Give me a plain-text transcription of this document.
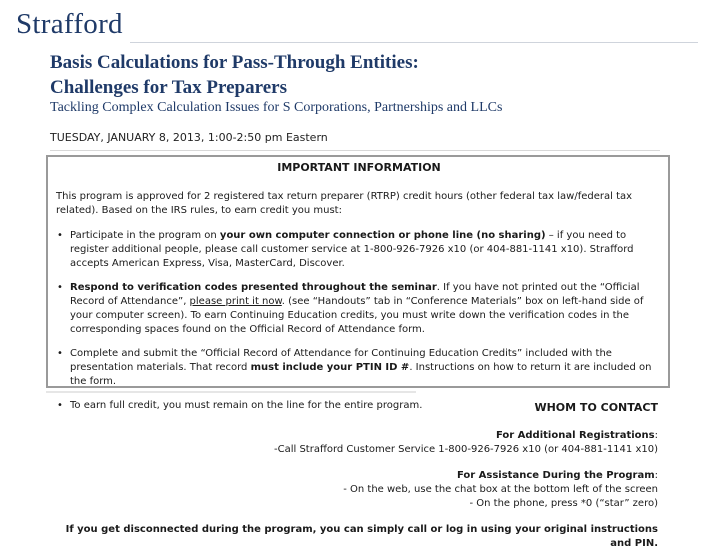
Strafford
Basis Calculations for Pass-Through Entities:
Challenges for Tax Preparers
Tackling Complex Calculation Issues for S Corporations, Partnerships and LLCs
TUESDAY, JANUARY 8, 2013, 1:00-2:50 pm Eastern
IMPORTANT INFORMATION
This program is approved for 2 registered tax return preparer (RTRP) credit hours (other federal tax law/federal tax related). Based on the IRS rules, to earn credit you must:
• Participate in the program on your own computer connection or phone line (no sharing) – if you need to register additional people, please call customer service at 1-800-926-7926 x10 (or 404-881-1141 x10). Strafford accepts American Express, Visa, MasterCard, Discover.
• Respond to verification codes presented throughout the seminar. If you have not printed out the “Official Record of Attendance”, please print it now. (see “Handouts” tab in “Conference Materials” box on left-hand side of your computer screen). To earn Continuing Education credits, you must write down the verification codes in the corresponding spaces found on the Official Record of Attendance form.
• Complete and submit the “Official Record of Attendance for Continuing Education Credits” included with the presentation materials. That record must include your PTIN ID #. Instructions on how to return it are included on the form.
• To earn full credit, you must remain on the line for the entire program.	WHOM TO CONTACT
For Additional Registrations:
-Call Strafford Customer Service 1-800-926-7926 x10 (or 404-881-1141 x10)
For Assistance During the Program:
- On the web, use the chat box at the bottom left of the screen
- On the phone, press *0 (“star” zero)
If you get disconnected during the program, you can simply call or log in using your original instructions and PIN.
